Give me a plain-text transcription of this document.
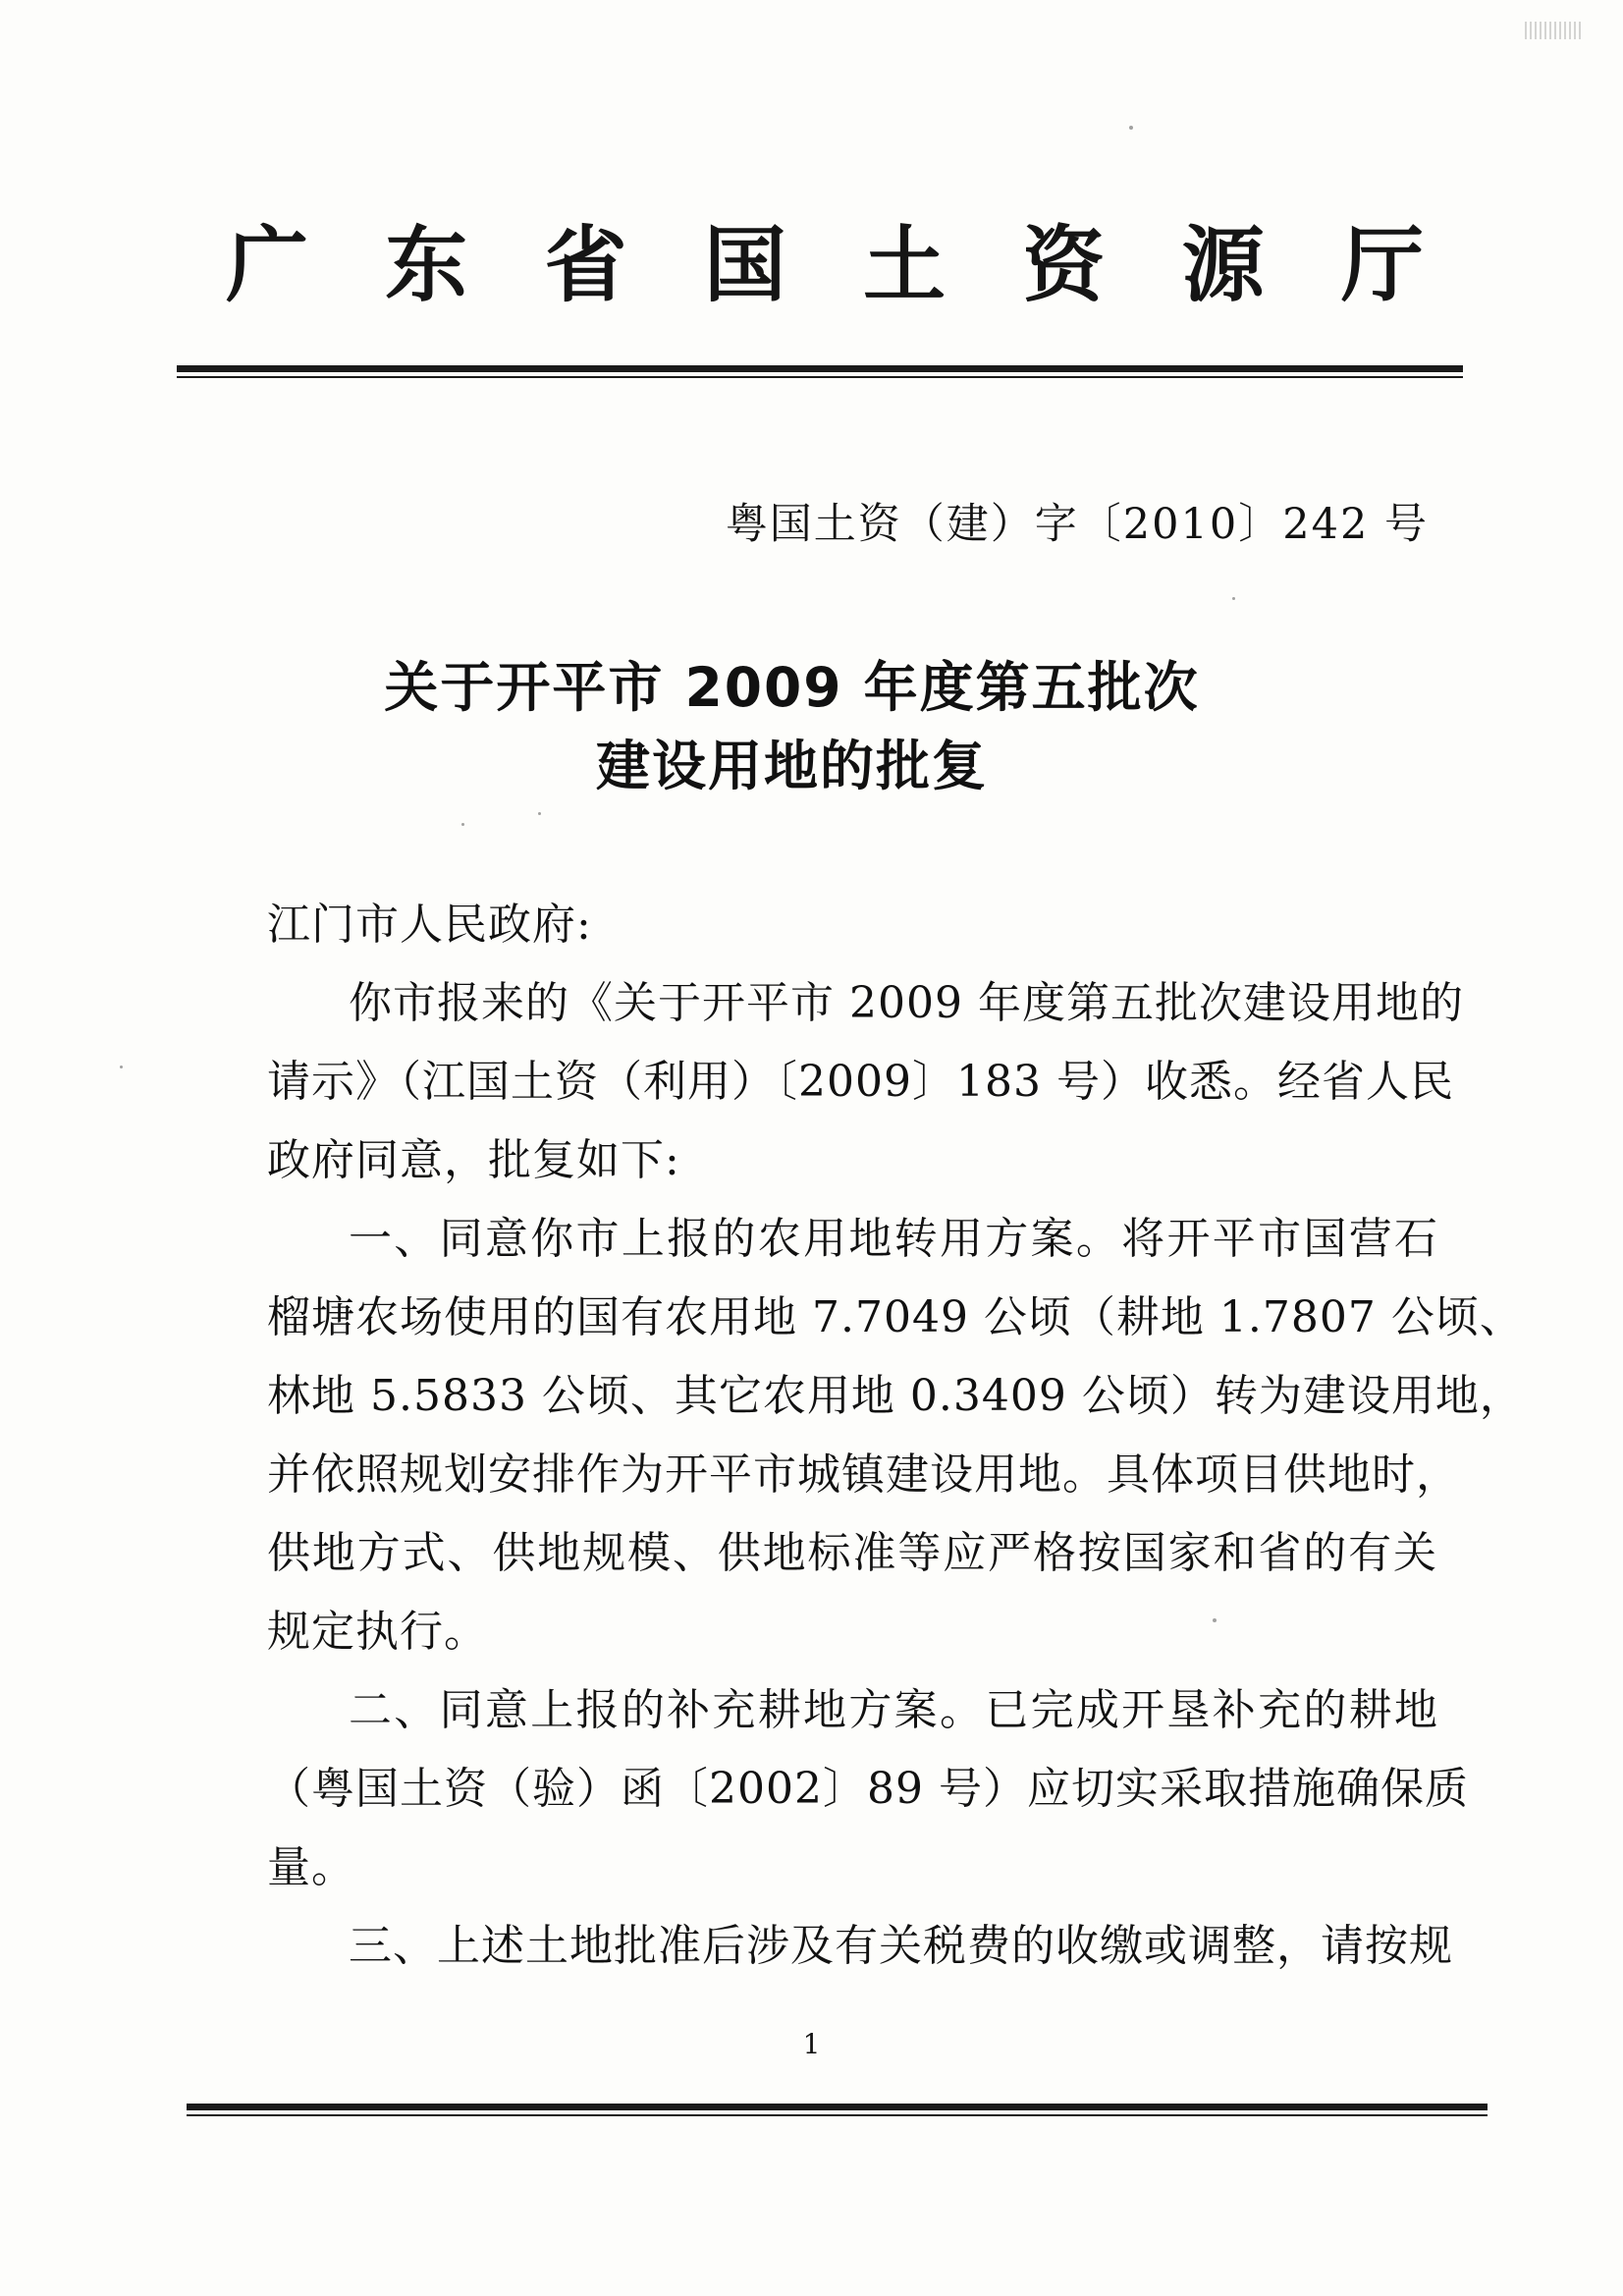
广 东 省 国 土 资 源 厅
粤国土资（建）字〔2010〕242 号
关于开平市 2009 年度第五批次
建设用地的批复
江门市人民政府:
你市报来的《关于开平市 2009 年度第五批次建设用地的
请示》（江国土资（利用）〔2009〕183 号）收悉。经省人民
政府同意，批复如下:
一、同意你市上报的农用地转用方案。将开平市国营石
榴塘农场使用的国有农用地 7.7049 公顷（耕地 1.7807 公顷、
林地 5.5833 公顷、其它农用地 0.3409 公顷）转为建设用地，
并依照规划安排作为开平市城镇建设用地。具体项目供地时，
供地方式、供地规模、供地标准等应严格按国家和省的有关
规定执行。
二、同意上报的补充耕地方案。已完成开垦补充的耕地
（粤国土资（验）函〔2002〕89 号）应切实采取措施确保质
量。
三、上述土地批准后涉及有关税费的收缴或调整，请按规
1
